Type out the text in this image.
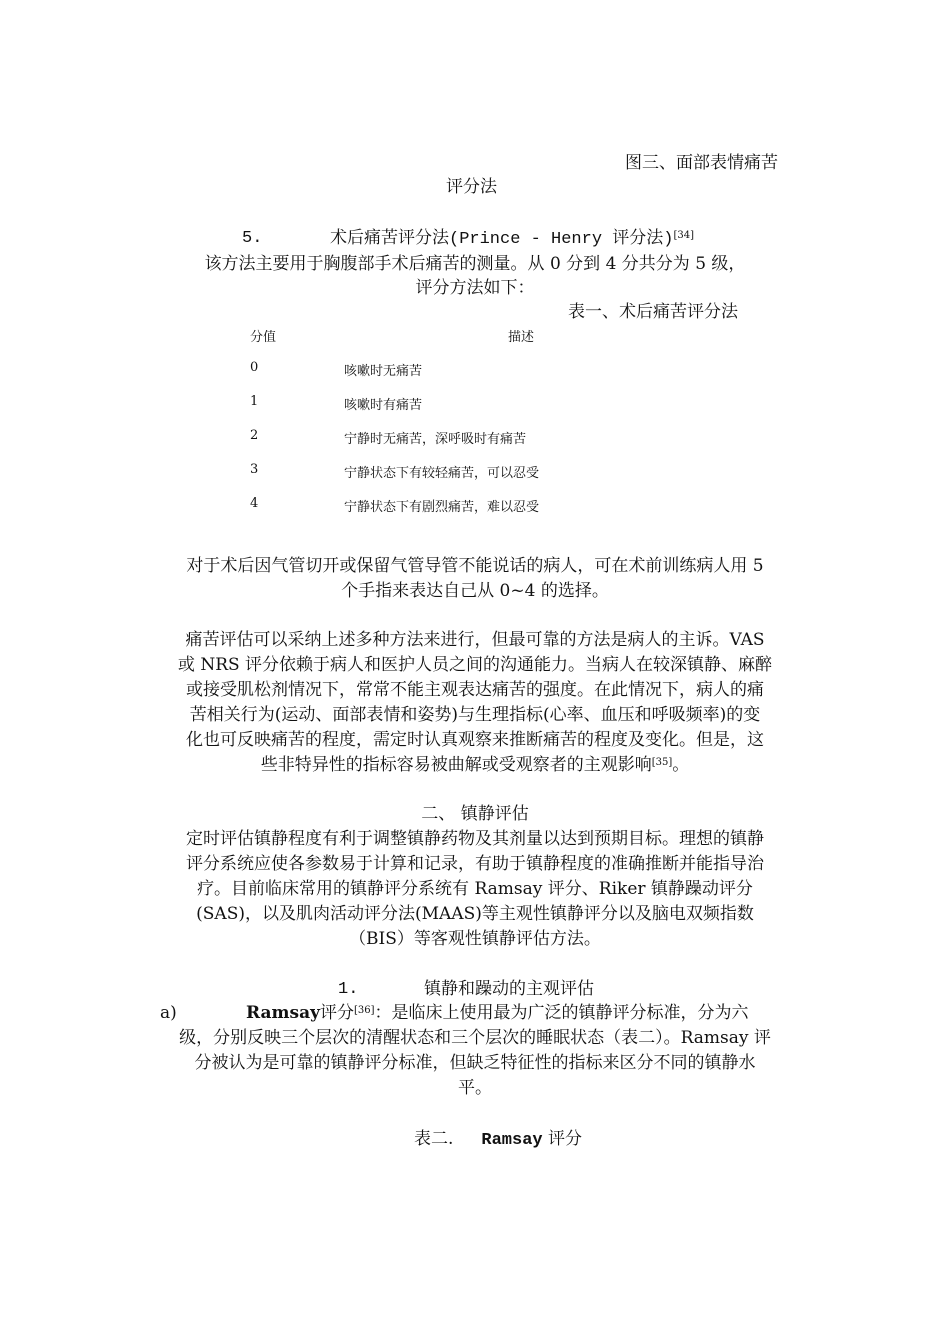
图三、面部表情痛苦
评分法
5.	术后痛苦评分法(Prince - Henry 评分法)[34]
该方法主要用于胸腹部手术后痛苦的测量。从 0 分到 4 分共分为 5 级，
评分方法如下：
表一、术后痛苦评分法
分值	描述
0	咳嗽时无痛苦
1	咳嗽时有痛苦
2	宁静时无痛苦，深呼吸时有痛苦
3	宁静状态下有较轻痛苦，可以忍受
4	宁静状态下有剧烈痛苦，难以忍受
对于术后因气管切开或保留气管导管不能说话的病人，可在术前训练病人用 5
个手指来表达自己从 0~4 的选择。
痛苦评估可以采纳上述多种方法来进行，但最可靠的方法是病人的主诉。VAS
或 NRS 评分依赖于病人和医护人员之间的沟通能力。当病人在较深镇静、麻醉
或接受肌松剂情况下，常常不能主观表达痛苦的强度。在此情况下，病人的痛
苦相关行为(运动、面部表情和姿势)与生理指标(心率、血压和呼吸频率)的变
化也可反映痛苦的程度，需定时认真观察来推断痛苦的程度及变化。但是，这
些非特异性的指标容易被曲解或受观察者的主观影响[35]。
二、 镇静评估
定时评估镇静程度有利于调整镇静药物及其剂量以达到预期目标。理想的镇静
评分系统应使各参数易于计算和记录，有助于镇静程度的准确推断并能指导治
疗。目前临床常用的镇静评分系统有 Ramsay 评分、Riker 镇静躁动评分
(SAS)，以及肌肉活动评分法(MAAS)等主观性镇静评分以及脑电双频指数
（BIS）等客观性镇静评估方法。
1.	镇静和躁动的主观评估
a)	Ramsay评分[36]：是临床上使用最为广泛的镇静评分标准，分为六
级，分别反映三个层次的清醒状态和三个层次的睡眠状态（表二）。Ramsay 评
分被认为是可靠的镇静评分标准，但缺乏特征性的指标来区分不同的镇静水
平。
表二. Ramsay 评分
